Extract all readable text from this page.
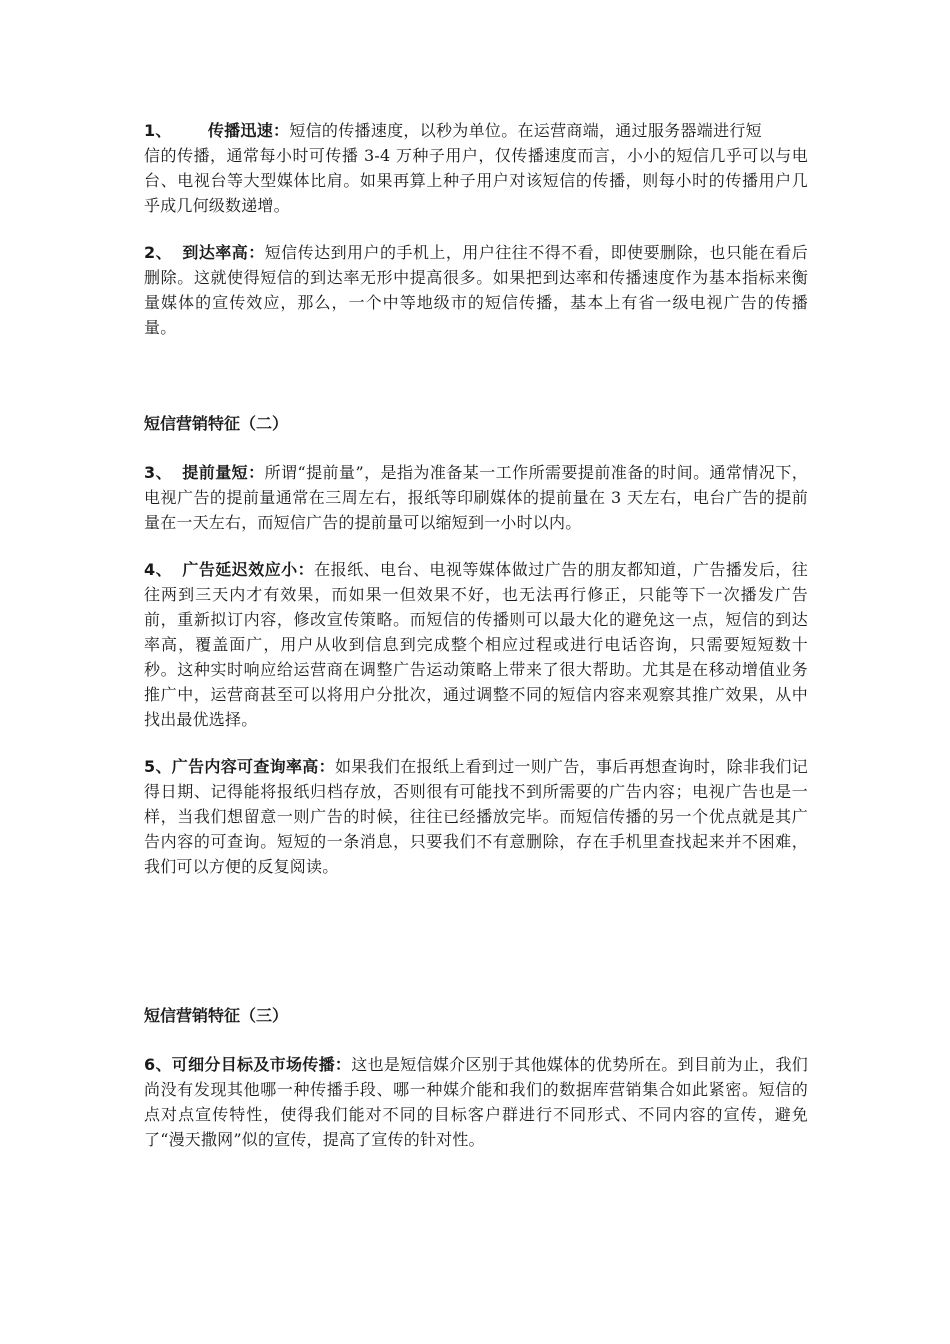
1、 传播迅速：短信的传播速度，以秒为单位。在运营商端，通过服务器端进行短信的传播，通常每小时可传播 3-4 万种子用户，仅传播速度而言，小小的短信几乎可以与电台、电视台等大型媒体比肩。如果再算上种子用户对该短信的传播，则每小时的传播用户几乎成几何级数递增。

2、 到达率高：短信传达到用户的手机上，用户往往不得不看，即使要删除，也只能在看后删除。这就使得短信的到达率无形中提高很多。如果把到达率和传播速度作为基本指标来衡量媒体的宣传效应，那么，一个中等地级市的短信传播，基本上有省一级电视广告的传播量。

短信营销特征（二）

3、 提前量短：所谓“提前量”，是指为准备某一工作所需要提前准备的时间。通常情况下，电视广告的提前量通常在三周左右，报纸等印刷媒体的提前量在 3 天左右，电台广告的提前量在一天左右，而短信广告的提前量可以缩短到一小时以内。

4、 广告延迟效应小：在报纸、电台、电视等媒体做过广告的朋友都知道，广告播发后，往往两到三天内才有效果，而如果一但效果不好，也无法再行修正，只能等下一次播发广告前，重新拟订内容，修改宣传策略。而短信的传播则可以最大化的避免这一点，短信的到达率高，覆盖面广，用户从收到信息到完成整个相应过程或进行电话咨询，只需要短短数十秒。这种实时响应给运营商在调整广告运动策略上带来了很大帮助。尤其是在移动增值业务推广中，运营商甚至可以将用户分批次，通过调整不同的短信内容来观察其推广效果，从中找出最优选择。

5、广告内容可查询率高：如果我们在报纸上看到过一则广告，事后再想查询时，除非我们记得日期、记得能将报纸归档存放，否则很有可能找不到所需要的广告内容；电视广告也是一样，当我们想留意一则广告的时候，往往已经播放完毕。而短信传播的另一个优点就是其广告内容的可查询。短短的一条消息，只要我们不有意删除，存在手机里查找起来并不困难，我们可以方便的反复阅读。

短信营销特征（三）

6、可细分目标及市场传播：这也是短信媒介区别于其他媒体的优势所在。到目前为止，我们尚没有发现其他哪一种传播手段、哪一种媒介能和我们的数据库营销集合如此紧密。短信的点对点宣传特性，使得我们能对不同的目标客户群进行不同形式、不同内容的宣传，避免了“漫天撒网”似的宣传，提高了宣传的针对性。
